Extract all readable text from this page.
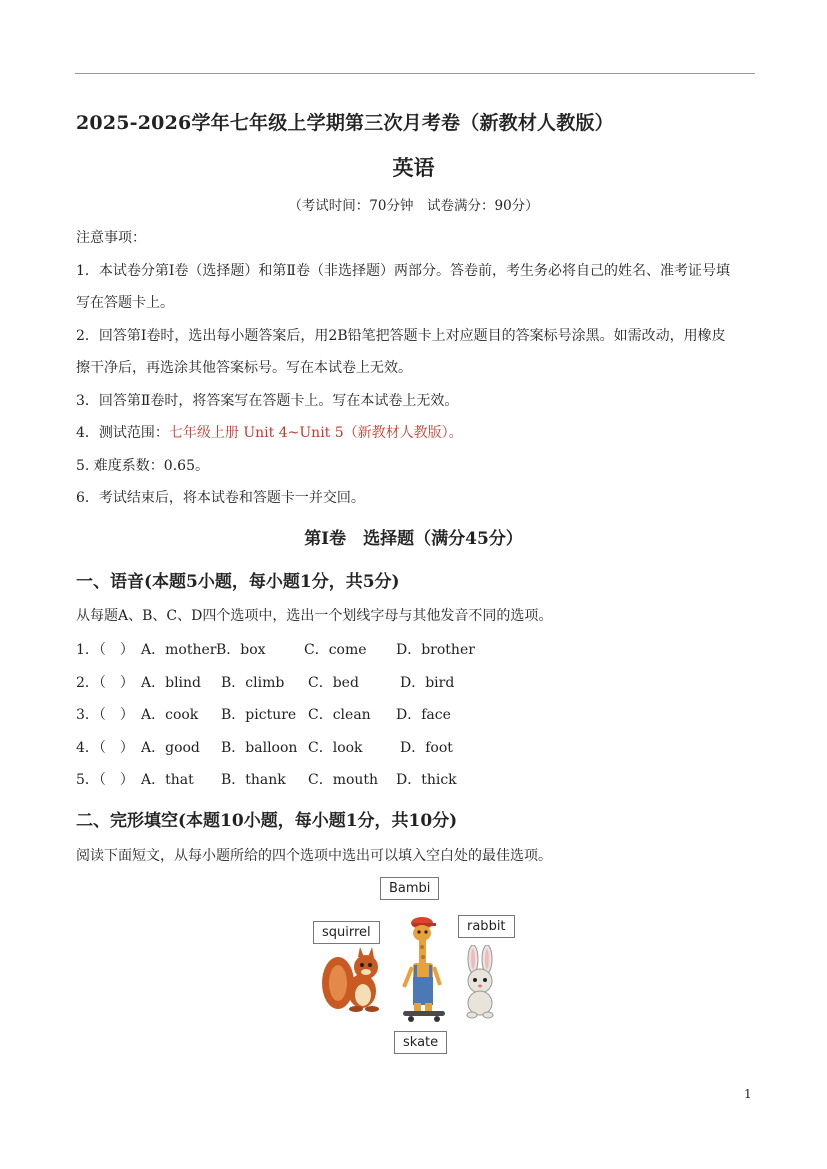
2025-2026学年七年级上学期第三次月考卷（新教材人教版）
英语
（考试时间：70分钟　试卷满分：90分）
注意事项：
1．本试卷分第Ⅰ卷（选择题）和第Ⅱ卷（非选择题）两部分。答卷前，考生务必将自己的姓名、准考证号填
写在答题卡上。
2．回答第Ⅰ卷时，选出每小题答案后，用2B铅笔把答题卡上对应题目的答案标号涂黑。如需改动，用橡皮
擦干净后，再选涂其他答案标号。写在本试卷上无效。
3．回答第Ⅱ卷时，将答案写在答题卡上。写在本试卷上无效。
4．测试范围：七年级上册 Unit 4~Unit 5（新教材人教版）。
5. 难度系数：0.65。
6．考试结束后，将本试卷和答题卡一并交回。
第Ⅰ卷　选择题（满分45分）
一、语音(本题5小题，每小题1分，共5分)
从每题A、B、C、D四个选项中，选出一个划线字母与其他发音不同的选项。
1．（　） A．mother B．box	C．come D．brother
2．（　） A．blind B．climb C．bed	D．bird
3．（　） A．cook B．picture C．clean D．face
4．（　） A．good B．balloon C．look	D．foot
5．（　） A．that B．thank C．mouth D．thick
二、完形填空(本题10小题，每小题1分，共10分)
阅读下面短文，从每小题所给的四个选项中选出可以填入空白处的最佳选项。
Bambi
squirrel	rabbit
skate
1
